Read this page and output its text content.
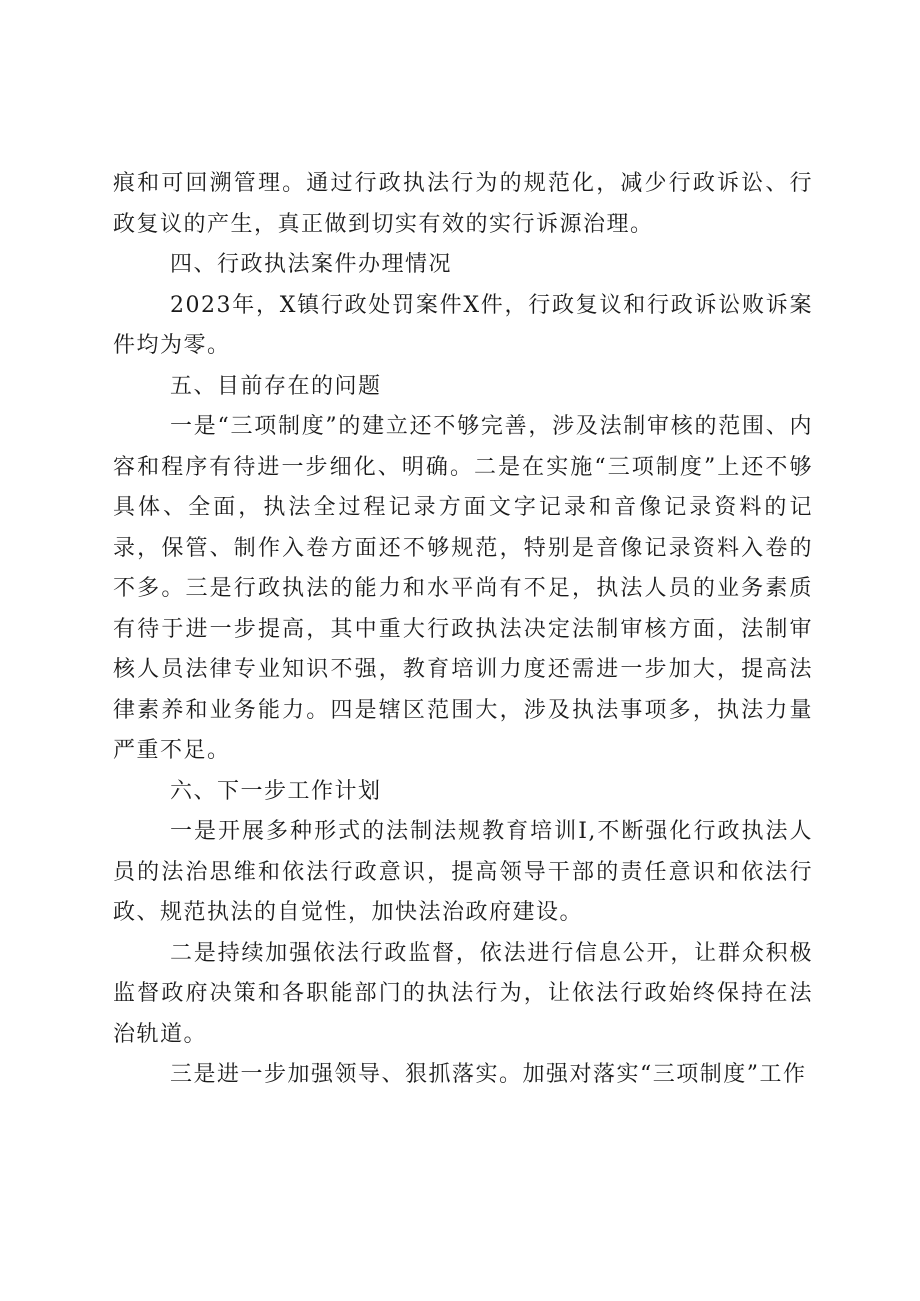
痕和可回溯管理。通过行政执法行为的规范化，减少行政诉讼、行政复议的产生，真正做到切实有效的实行诉源治理。

四、行政执法案件办理情况

2023年，X镇行政处罚案件X件，行政复议和行政诉讼败诉案件均为零。

五、目前存在的问题

一是“三项制度”的建立还不够完善，涉及法制审核的范围、内容和程序有待进一步细化、明确。二是在实施“三项制度”上还不够具体、全面，执法全过程记录方面文字记录和音像记录资料的记录，保管、制作入卷方面还不够规范，特别是音像记录资料入卷的不多。三是行政执法的能力和水平尚有不足，执法人员的业务素质有待于进一步提高，其中重大行政执法决定法制审核方面，法制审核人员法律专业知识不强，教育培训力度还需进一步加大，提高法律素养和业务能力。四是辖区范围大，涉及执法事项多，执法力量严重不足。

六、下一步工作计划

一是开展多种形式的法制法规教育培训I,不断强化行政执法人员的法治思维和依法行政意识，提高领导干部的责任意识和依法行政、规范执法的自觉性，加快法治政府建设。

二是持续加强依法行政监督，依法进行信息公开，让群众积极监督政府决策和各职能部门的执法行为，让依法行政始终保持在法治轨道。

三是进一步加强领导、狠抓落实。加强对落实“三项制度”工作
